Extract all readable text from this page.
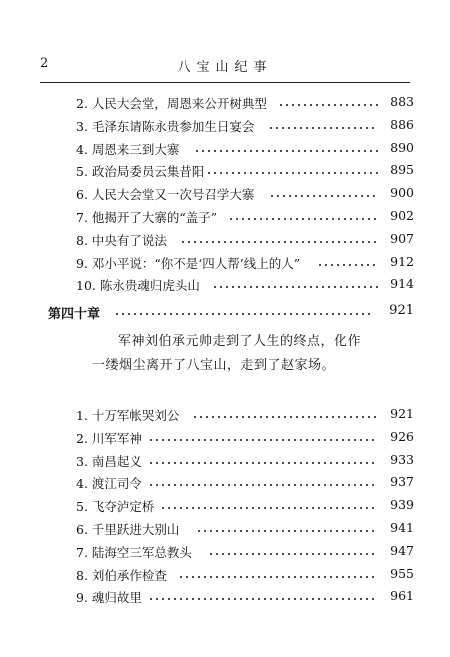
2	八宝山纪事
2. 人民大会堂，周恩来公开树典型	883
3. 毛泽东请陈永贵参加生日宴会	886
4. 周恩来三到大寨	890
5. 政治局委员云集昔阳	895
6. 人民大会堂又一次号召学大寨	900
7. 他揭开了大寨的“盖子”	902
8. 中央有了说法	907
9. 邓小平说：“你不是‘四人帮’线上的人”	912
10. 陈永贵魂归虎头山	914
第四十章	921
军神刘伯承元帅走到了人生的终点，化作
一缕烟尘离开了八宝山，走到了赵家场。
1. 十万军帐哭刘公	921
2. 川军军神	926
3. 南昌起义	933
4. 渡江司令	937
5. 飞夺泸定桥	939
6. 千里跃进大别山	941
7. 陆海空三军总教头	947
8. 刘伯承作检查	955
9. 魂归故里	961
